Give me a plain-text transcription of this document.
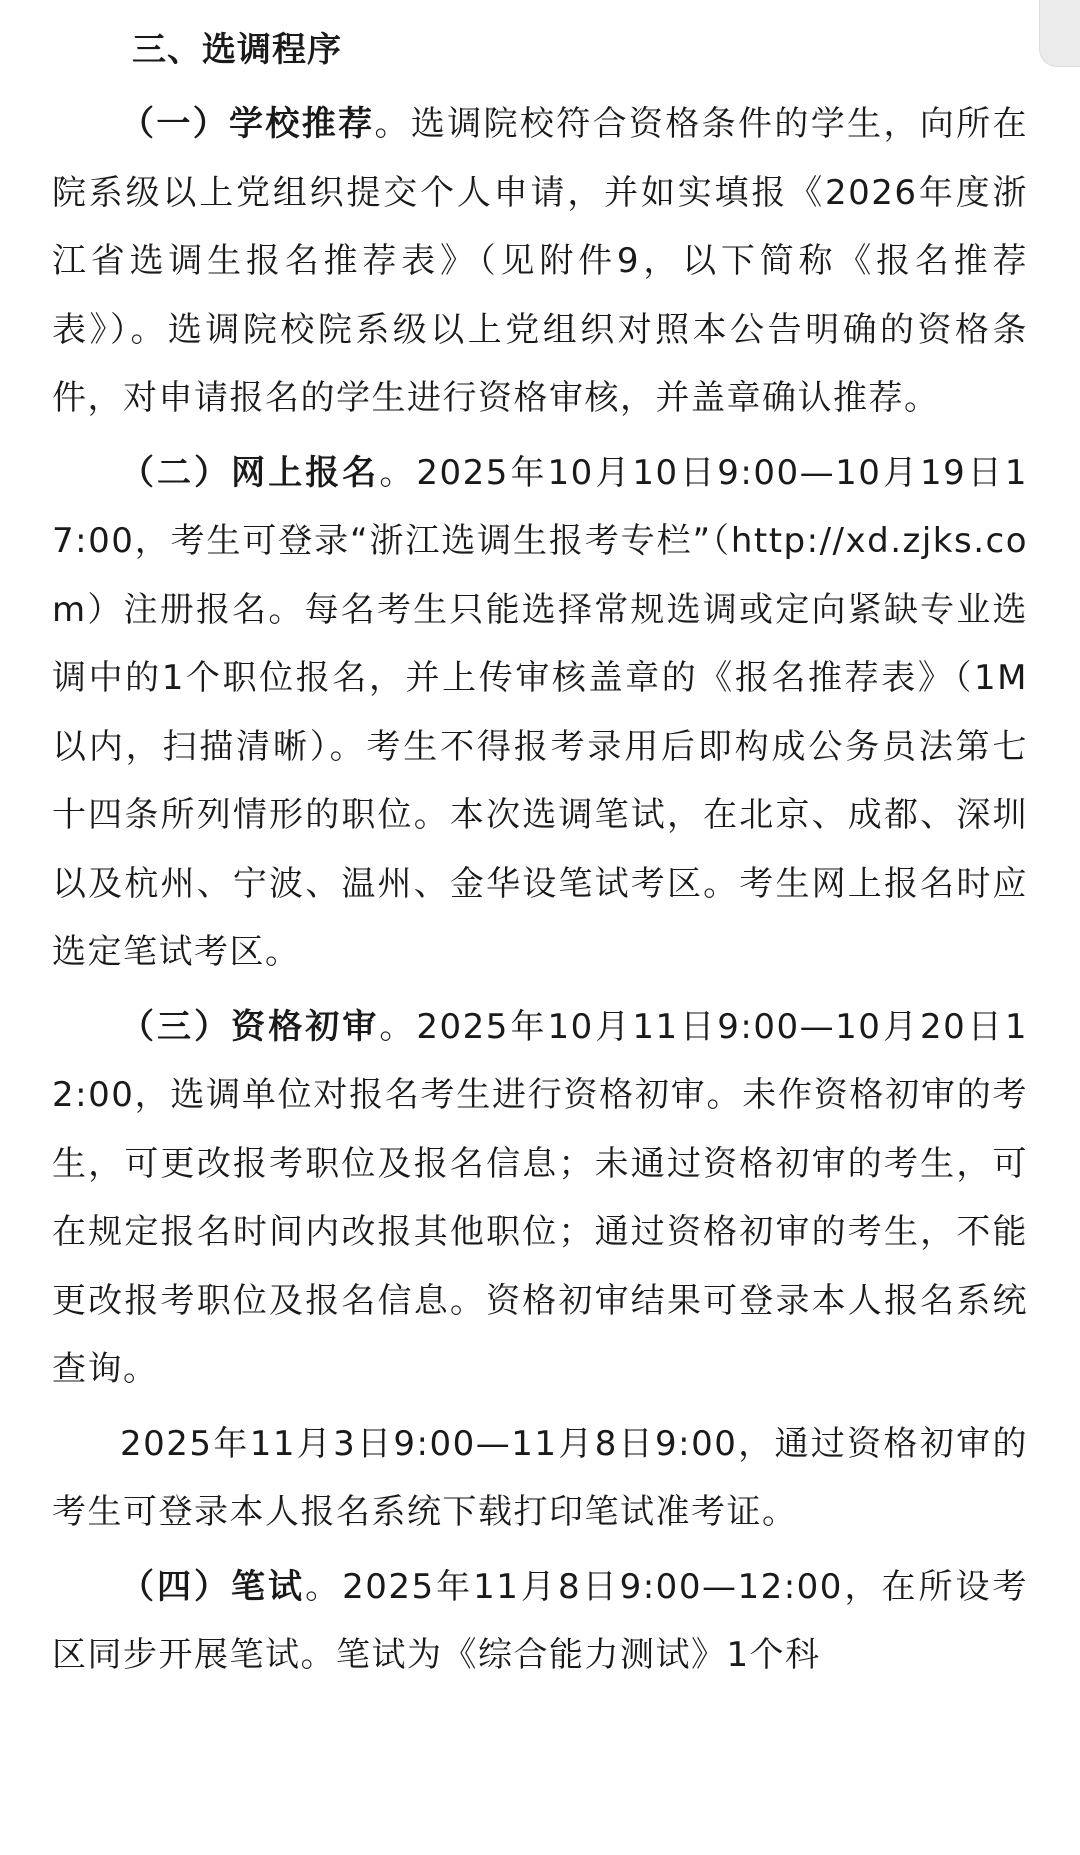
三、选调程序

（一）学校推荐。选调院校符合资格条件的学生，向所在院系级以上党组织提交个人申请，并如实填报《2026年度浙江省选调生报名推荐表》（见附件9，以下简称《报名推荐表》）。选调院校院系级以上党组织对照本公告明确的资格条件，对申请报名的学生进行资格审核，并盖章确认推荐。

（二）网上报名。2025年10月10日9:00—10月19日17:00，考生可登录“浙江选调生报考专栏”（http://xd.zjks.com）注册报名。每名考生只能选择常规选调或定向紧缺专业选调中的1个职位报名，并上传审核盖章的《报名推荐表》（1M以内，扫描清晰）。考生不得报考录用后即构成公务员法第七十四条所列情形的职位。本次选调笔试，在北京、成都、深圳以及杭州、宁波、温州、金华设笔试考区。考生网上报名时应选定笔试考区。

（三）资格初审。2025年10月11日9:00—10月20日12:00，选调单位对报名考生进行资格初审。未作资格初审的考生，可更改报考职位及报名信息；未通过资格初审的考生，可在规定报名时间内改报其他职位；通过资格初审的考生，不能更改报考职位及报名信息。资格初审结果可登录本人报名系统查询。

2025年11月3日9:00—11月8日9:00，通过资格初审的考生可登录本人报名系统下载打印笔试准考证。

（四）笔试。2025年11月8日9:00—12:00，在所设考区同步开展笔试。笔试为《综合能力测试》1个科
